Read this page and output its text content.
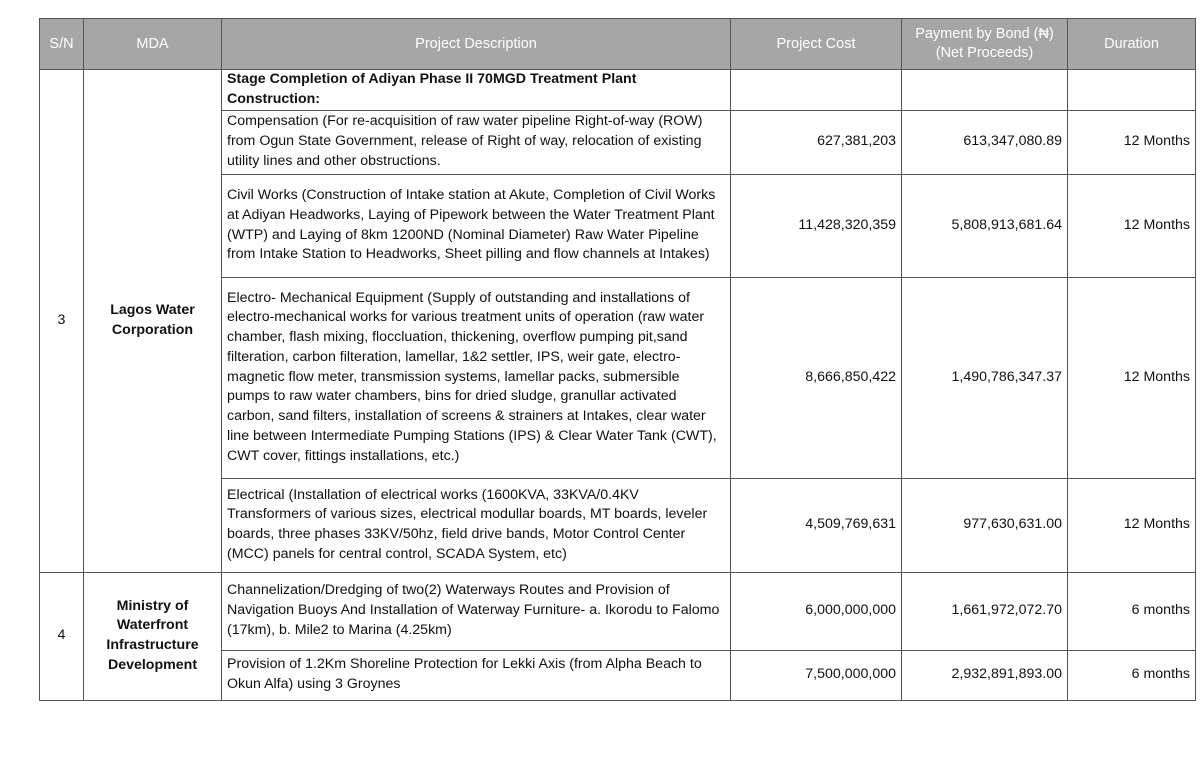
S/N	MDA	Project Description	Project Cost	Payment by Bond (₦) (Net Proceeds)	Duration
3	Lagos Water Corporation	Stage Completion of Adiyan Phase II 70MGD Treatment Plant Construction:			
		Compensation (For re-acquisition of raw water pipeline Right-of-way (ROW) from Ogun State Government, release of Right of way, relocation of existing utility lines and other obstructions.	627,381,203	613,347,080.89	12 Months
		Civil Works (Construction of Intake station at Akute, Completion of Civil Works at Adiyan Headworks, Laying of Pipework between the Water Treatment Plant (WTP) and Laying of 8km 1200ND (Nominal Diameter) Raw Water Pipeline from Intake Station to Headworks, Sheet pilling and flow channels at Intakes)	11,428,320,359	5,808,913,681.64	12 Months
		Electro- Mechanical Equipment (Supply of outstanding and installations of electro-mechanical works for various treatment units of operation (raw water chamber, flash mixing, floccluation, thickening, overflow pumping pit,sand filteration, carbon filteration, lamellar, 1&2 settler, IPS, weir gate, electro-magnetic flow meter, transmission systems, lamellar packs, submersible pumps to raw water chambers, bins for dried sludge, granullar activated carbon, sand filters, installation of screens & strainers at Intakes, clear water line between Intermediate Pumping Stations (IPS) & Clear Water Tank (CWT), CWT cover, fittings installations, etc.)	8,666,850,422	1,490,786,347.37	12 Months
		Electrical (Installation of electrical works (1600KVA, 33KVA/0.4KV Transformers of various sizes, electrical modullar boards, MT boards, leveler boards, three phases 33KV/50hz, field drive bands, Motor Control Center (MCC) panels for central control, SCADA System, etc)	4,509,769,631	977,630,631.00	12 Months
4	Ministry of Waterfront Infrastructure Development	Channelization/Dredging of two(2) Waterways Routes and Provision of Navigation Buoys And Installation of Waterway Furniture- a. Ikorodu to Falomo (17km), b. Mile2 to Marina (4.25km)	6,000,000,000	1,661,972,072.70	6 months
		Provision of 1.2Km Shoreline Protection for Lekki Axis (from Alpha Beach to Okun Alfa) using 3 Groynes	7,500,000,000	2,932,891,893.00	6 months
